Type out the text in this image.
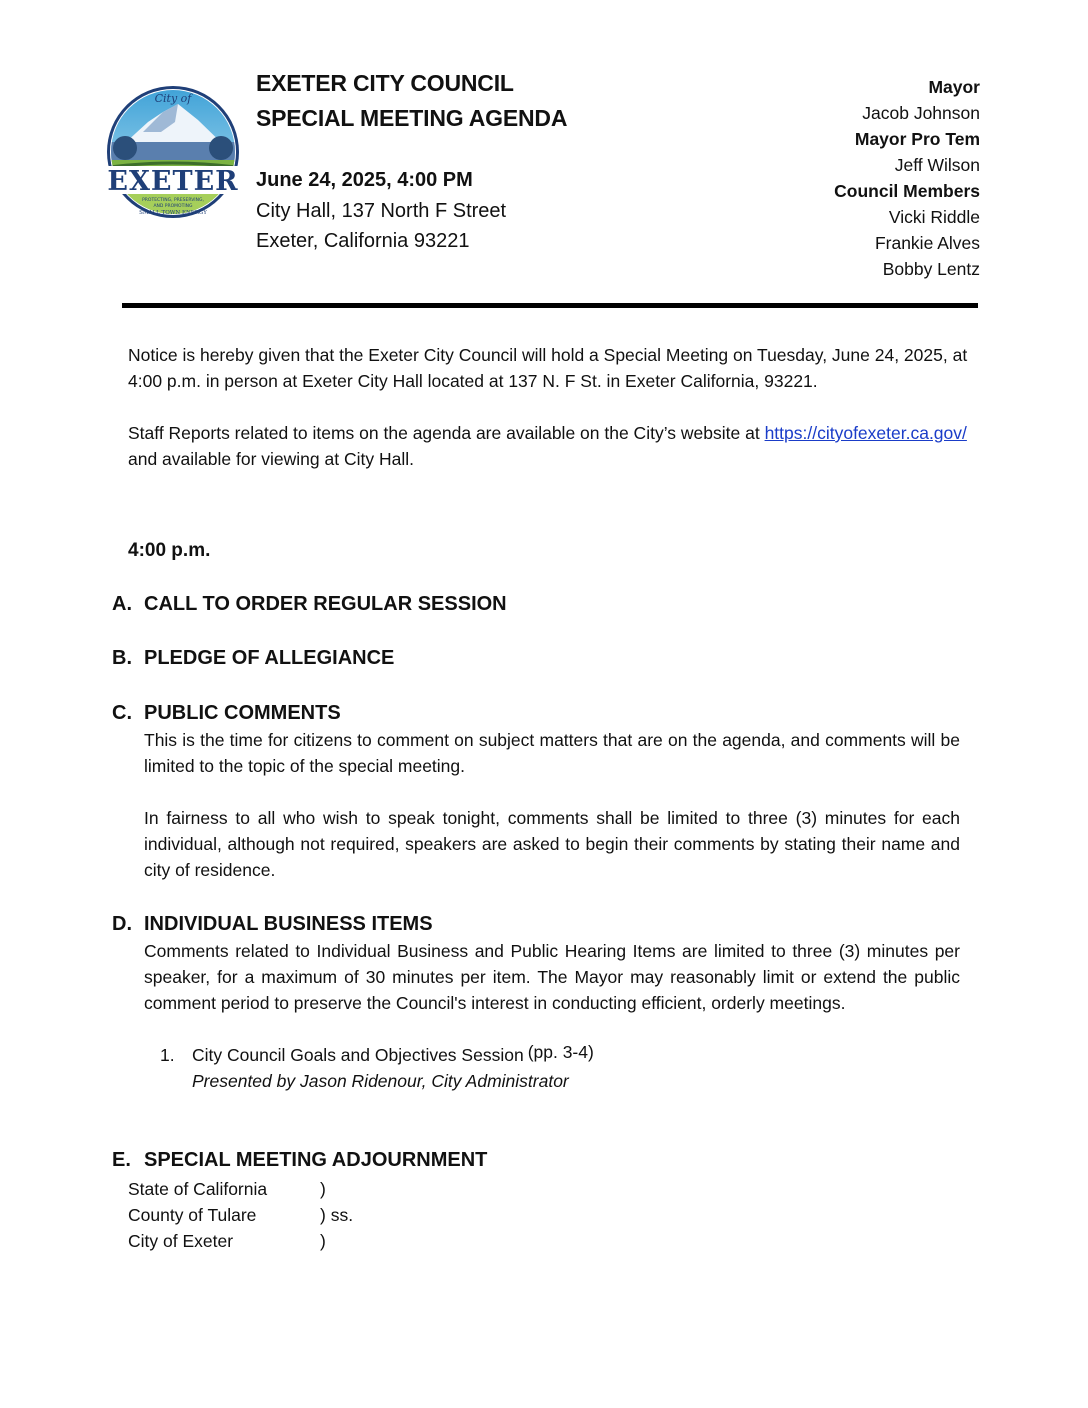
City of
EXETER
PROTECTING, PRESERVING,
AND PROMOTING
SMALL TOWN ENERGY
EXETER CITY COUNCIL
SPECIAL MEETING AGENDA
June 24, 2025, 4:00 PM
City Hall, 137 North F Street
Exeter, California 93221
Mayor
Jacob Johnson
Mayor Pro Tem
Jeff Wilson
Council Members
Vicki Riddle
Frankie Alves
Bobby Lentz

Notice is hereby given that the Exeter City Council will hold a Special Meeting on Tuesday, June 24, 2025, at 4:00 p.m. in person at Exeter City Hall located at 137 N. F St. in Exeter California, 93221.

Staff Reports related to items on the agenda are available on the City’s website at https://cityofexeter.ca.gov/ and available for viewing at City Hall.

4:00 p.m.
A. CALL TO ORDER REGULAR SESSION
B. PLEDGE OF ALLEGIANCE
C. PUBLIC COMMENTS

This is the time for citizens to comment on subject matters that are on the agenda, and comments will be limited to the topic of the special meeting.

In fairness to all who wish to speak tonight, comments shall be limited to three (3) minutes for each individual, although not required, speakers are asked to begin their comments by stating their name and city of residence.

D. INDIVIDUAL BUSINESS ITEMS

Comments related to Individual Business and Public Hearing Items are limited to three (3) minutes per speaker, for a maximum of 30 minutes per item. The Mayor may reasonably limit or extend the public comment period to preserve the Council's interest in conducting efficient, orderly meetings.

1. City Council Goals and Objectives Session (pp. 3-4)
Presented by Jason Ridenour, City Administrator
E. SPECIAL MEETING ADJOURNMENT
State of California	)
County of Tulare	) ss.
City of Exeter	)
